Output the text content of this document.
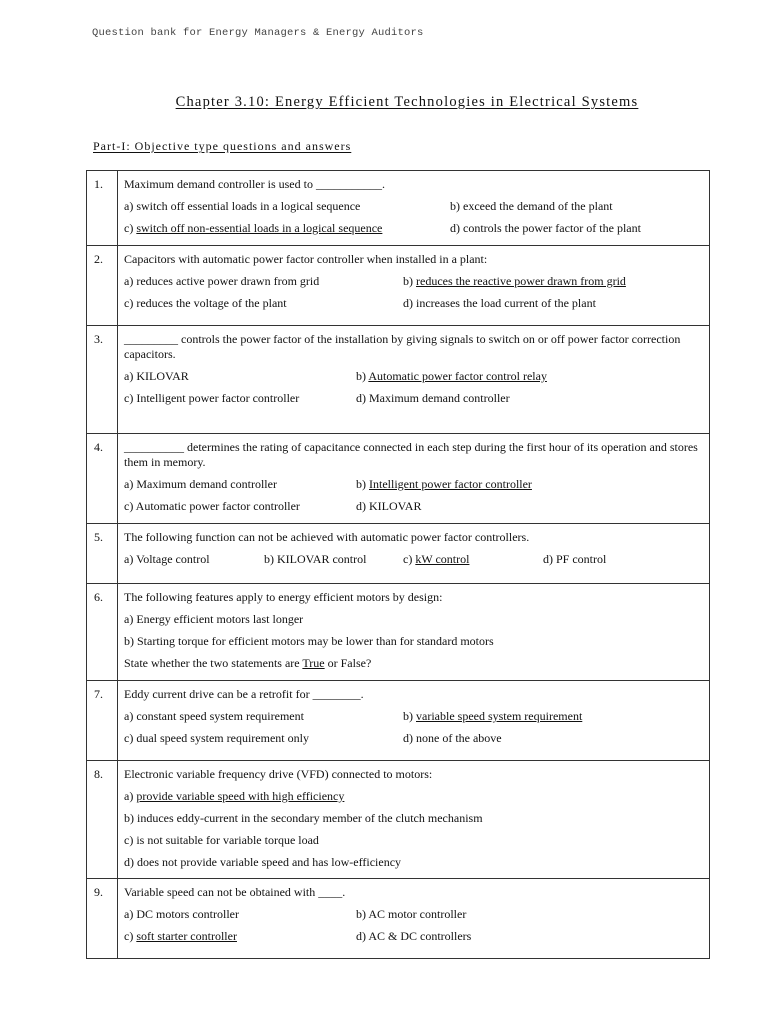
Question bank for Energy Managers & Energy Auditors
Chapter 3.10: Energy Efficient Technologies in Electrical Systems
Part-I: Objective type questions and answers
1.	Maximum demand controller is used to ___________.
a) switch off essential loads in a logical sequence b) exceed the demand of the plant
c) switch off non-essential loads in a logical sequence d) controls the power factor of the plant

2.	Capacitors with automatic power factor controller when installed in a plant:
a) reduces active power drawn from grid b) reduces the reactive power drawn from grid
c) reduces the voltage of the plant d) increases the load current of the plant

3.	_________ controls the power factor of the installation by giving signals to switch on or off power factor correction capacitors.
a) KILOVAR b) Automatic power factor control relay
c) Intelligent power factor controller d) Maximum demand controller

4.	__________ determines the rating of capacitance connected in each step during the first hour of its operation and stores them in memory.
a) Maximum demand controller b) Intelligent power factor controller
c) Automatic power factor controller d) KILOVAR

5.	The following function can not be achieved with automatic power factor controllers.
a) Voltage control b) KILOVAR control c) kW control d) PF control

6.	The following features apply to energy efficient motors by design:
a) Energy efficient motors last longer
b) Starting torque for efficient motors may be lower than for standard motors
State whether the two statements are True or False?

7.	Eddy current drive can be a retrofit for ________.
a) constant speed system requirement b) variable speed system requirement
c) dual speed system requirement only d) none of the above

8.	Electronic variable frequency drive (VFD) connected to motors:
a) provide variable speed with high efficiency
b) induces eddy-current in the secondary member of the clutch mechanism
c) is not suitable for variable torque load
d) does not provide variable speed and has low-efficiency

9.	Variable speed can not be obtained with ____.
a) DC motors controller b) AC motor controller
c) soft starter controller d) AC & DC controllers
